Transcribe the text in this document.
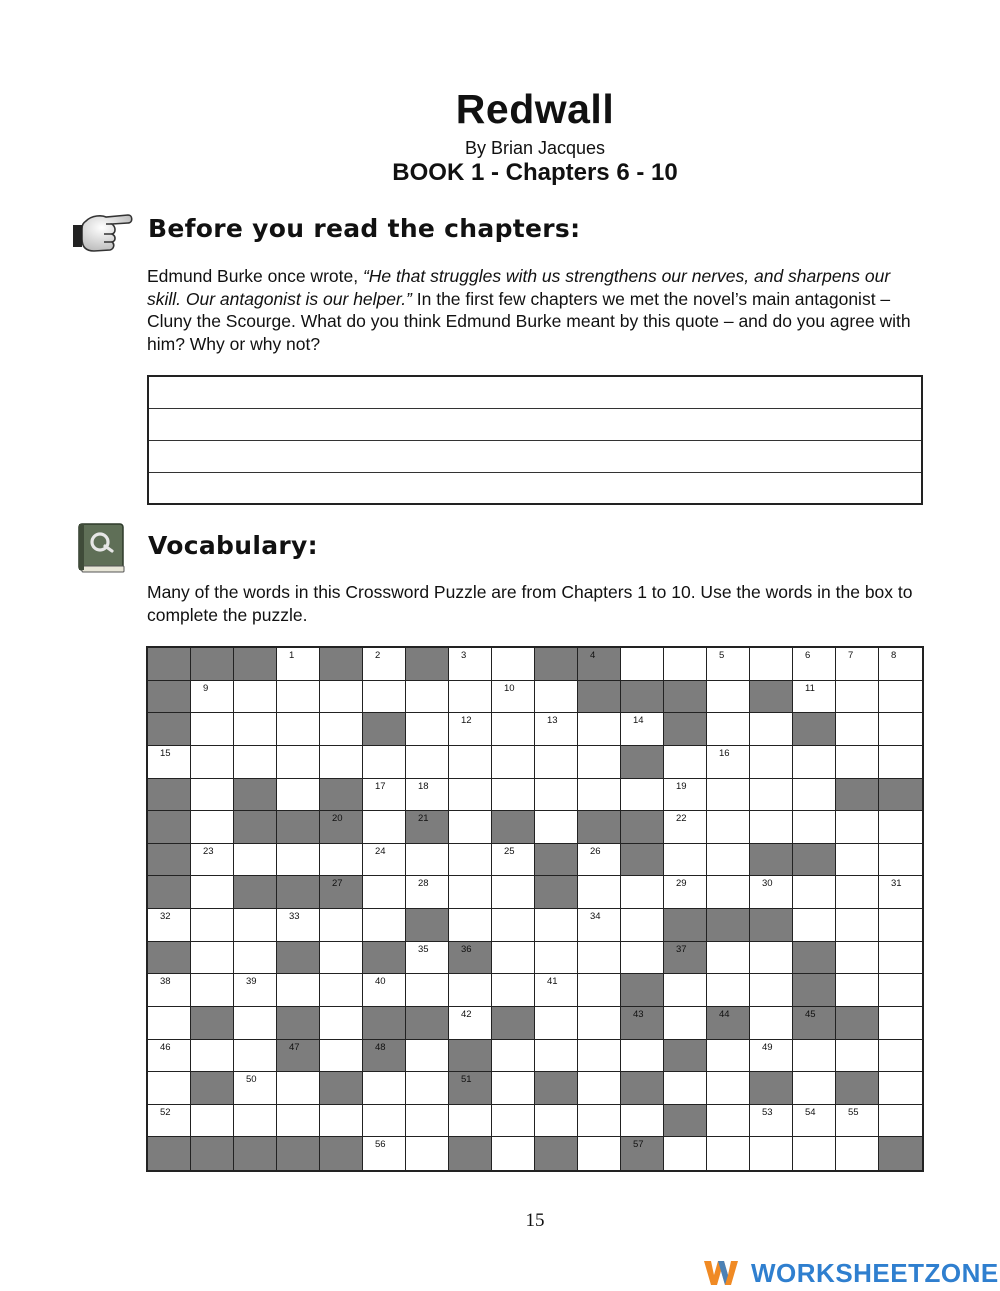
Redwall
By Brian Jacques
BOOK 1 - Chapters 6 - 10
Before you read the chapters:
Edmund Burke once wrote, “He that struggles with us strengthens our nerves, and sharpens our skill. Our antagonist is our helper.” In the first few chapters we met the novel’s main antagonist – Cluny the Scourge. What do you think Edmund Burke meant by this quote – and do you agree with him? Why or why not?
Vocabulary:
Many of the words in this Crossword Puzzle are from Chapters 1 to 10. Use the words in the box to complete the puzzle.
1	2	3	4	5	6	7	8
9	10	11
12	13	14
15	16
17	18	19
20	21	22
23	24	25	26
27	28	29	30	31
32	33	34
35	36	37
38	39	40	41
42	43	44	45
46	47	48	49
50	51
52	53	54	55
56	57
15
WORKSHEETZONE
